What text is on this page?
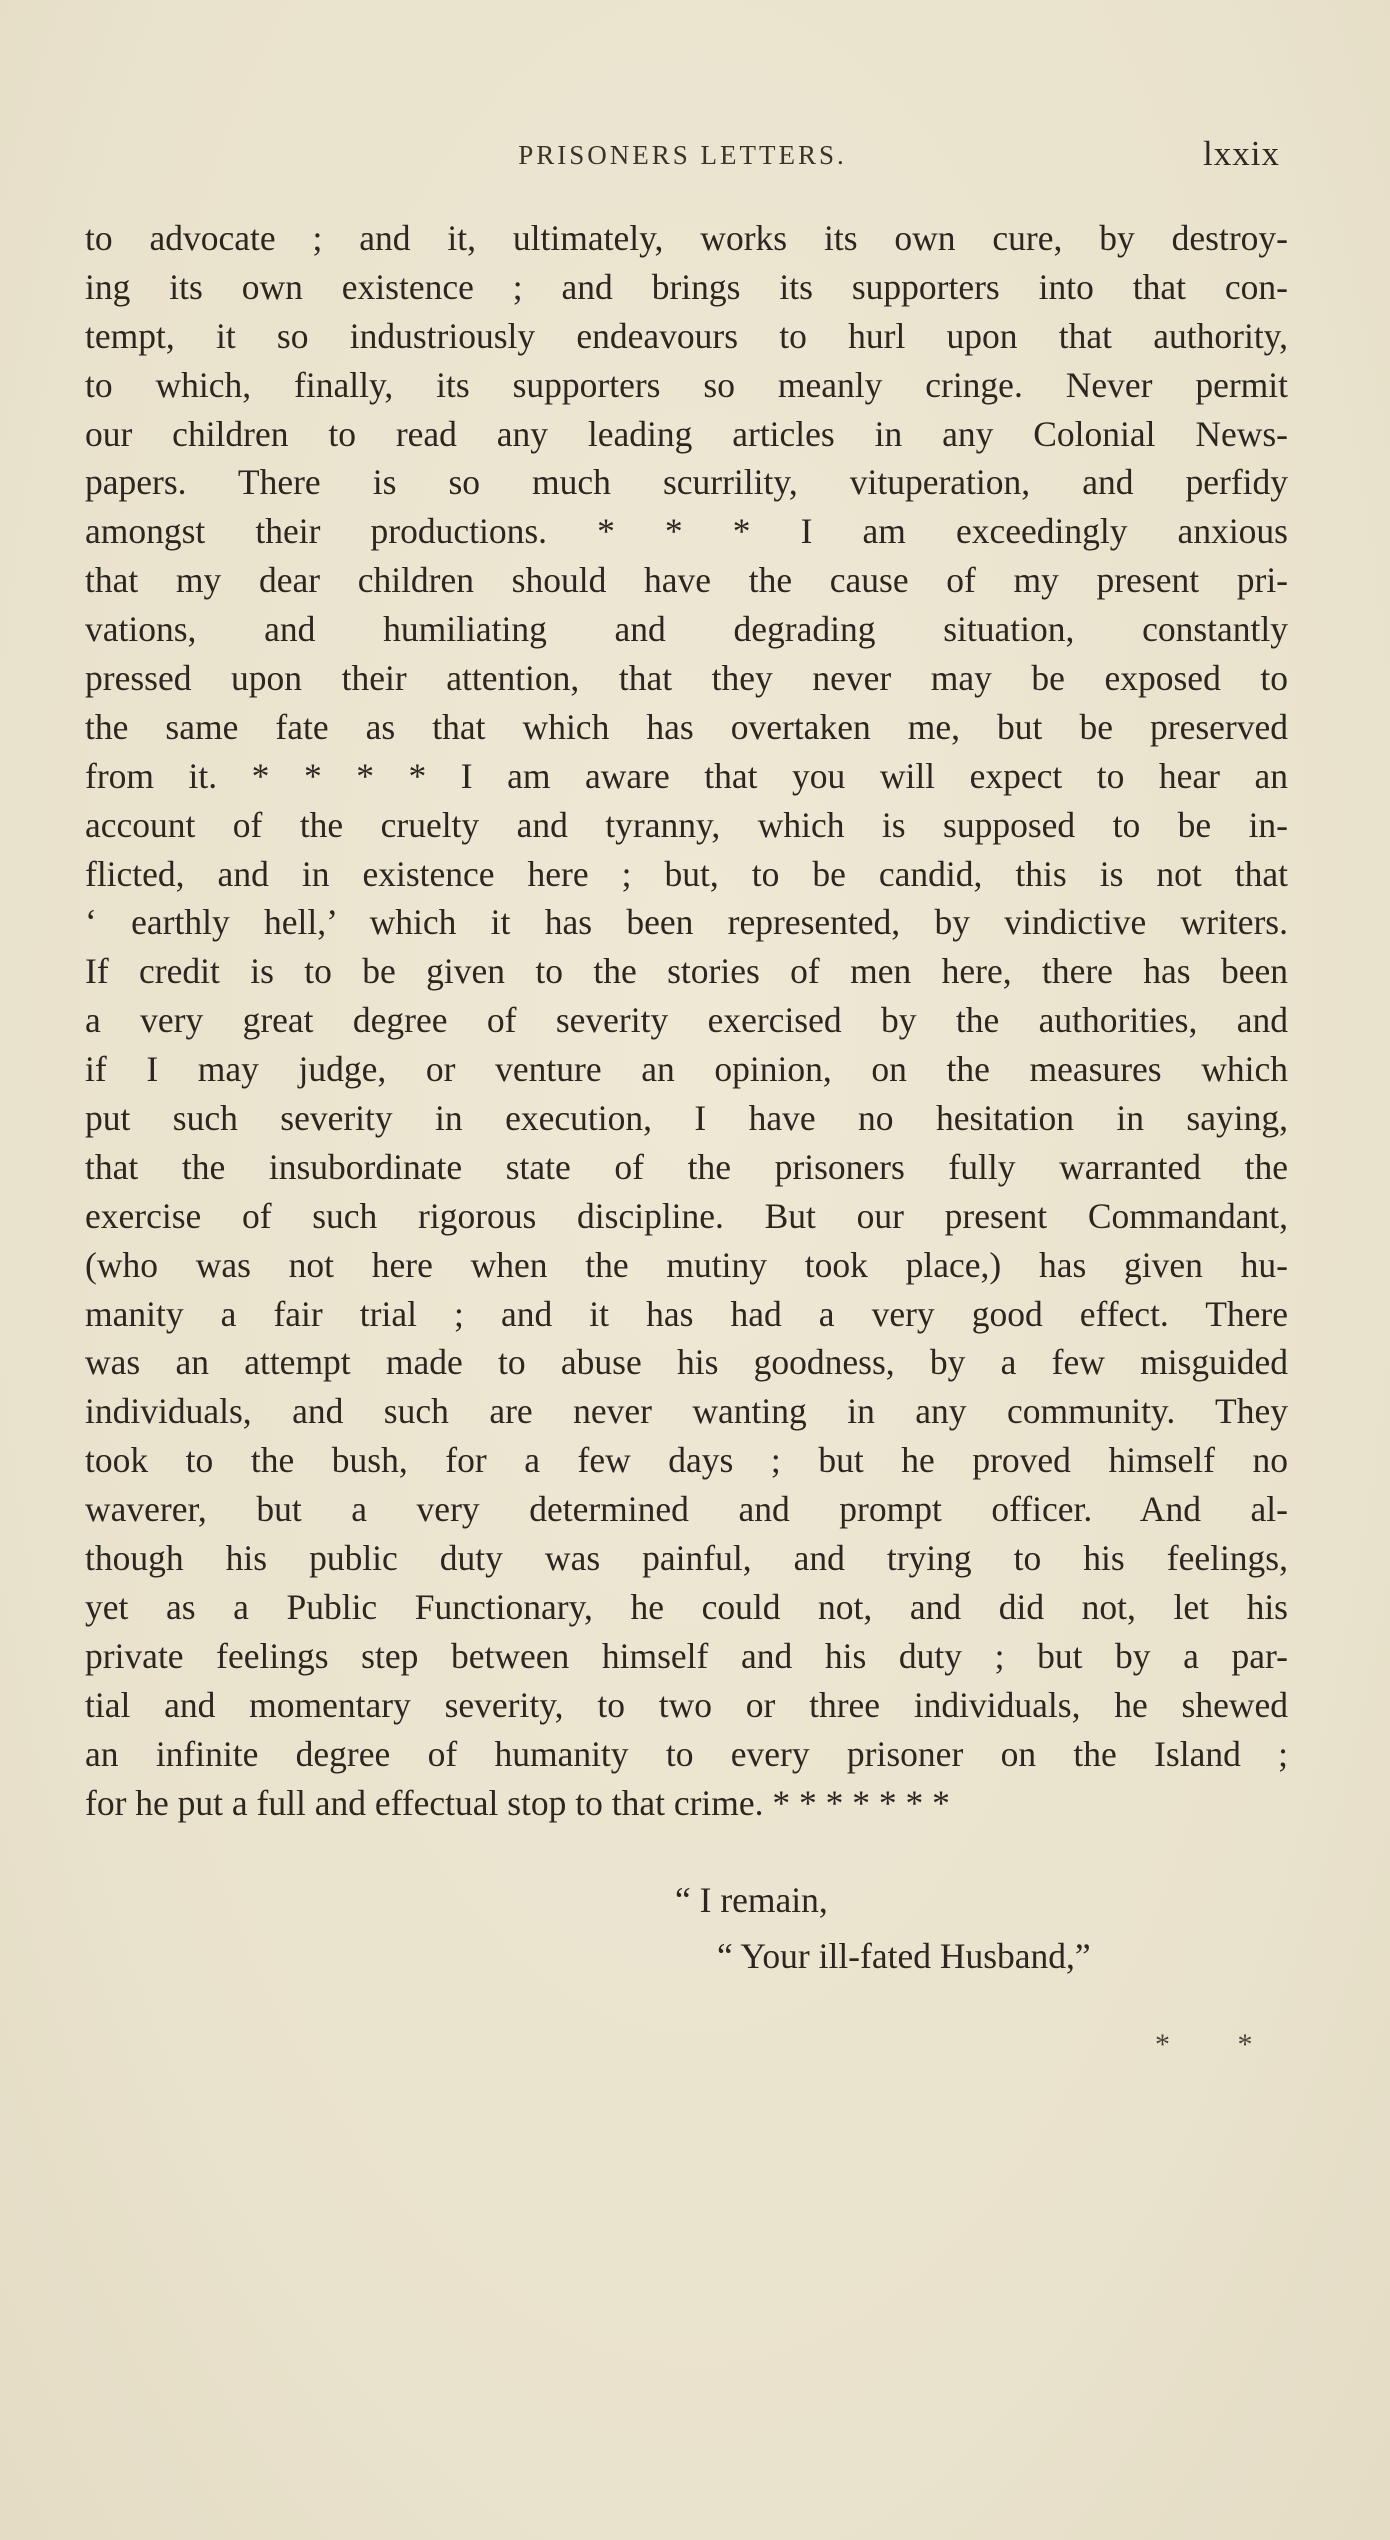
PRISONERS LETTERS.	lxxix
to advocate ; and it, ultimately, works its own cure, by destroy-
ing its own existence ; and brings its supporters into that con-
tempt, it so industriously endeavours to hurl upon that authority,
to which, finally, its supporters so meanly cringe. Never permit
our children to read any leading articles in any Colonial News-
papers. There is so much scurrility, vituperation, and perfidy
amongst their productions. * * * I am exceedingly anxious
that my dear children should have the cause of my present pri-
vations, and humiliating and degrading situation, constantly
pressed upon their attention, that they never may be exposed to
the same fate as that which has overtaken me, but be preserved
from it. * * * * I am aware that you will expect to hear an
account of the cruelty and tyranny, which is supposed to be in-
flicted, and in existence here ; but, to be candid, this is not that
‘ earthly hell,’ which it has been represented, by vindictive writers.
If credit is to be given to the stories of men here, there has been
a very great degree of severity exercised by the authorities, and
if I may judge, or venture an opinion, on the measures which
put such severity in execution, I have no hesitation in saying,
that the insubordinate state of the prisoners fully warranted the
exercise of such rigorous discipline. But our present Commandant,
(who was not here when the mutiny took place,) has given hu-
manity a fair trial ; and it has had a very good effect. There
was an attempt made to abuse his goodness, by a few misguided
individuals, and such are never wanting in any community. They
took to the bush, for a few days ; but he proved himself no
waverer, but a very determined and prompt officer. And al-
though his public duty was painful, and trying to his feelings,
yet as a Public Functionary, he could not, and did not, let his
private feelings step between himself and his duty ; but by a par-
tial and momentary severity, to two or three individuals, he shewed
an infinite degree of humanity to every prisoner on the Island ;
for he put a full and effectual stop to that crime. * * * * * * *
“ I remain,
“ Your ill-fated Husband,”
* *
